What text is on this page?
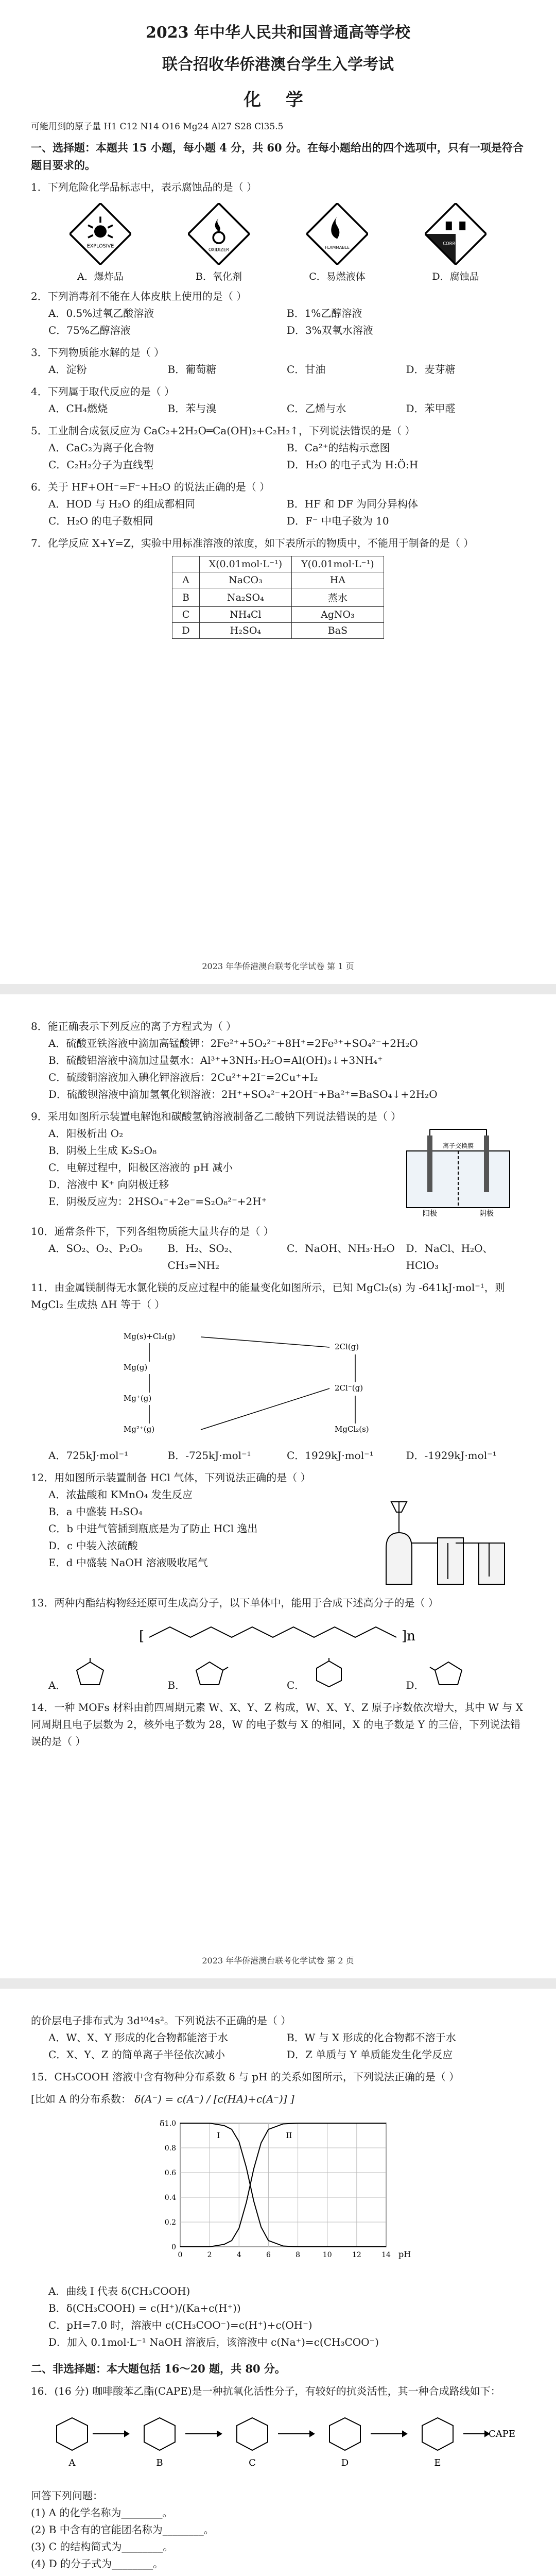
2023 年中华人民共和国普通高等学校
联合招收华侨港澳台学生入学考试
化 学

可能用到的原子量 H1 C12 N14 O16 Mg24 Al27 S28 Cl35.5

一、选择题：本题共 15 小题，每小题 4 分，共 60 分。在每小题给出的四个选项中，只有一项是符合题目要求的。
1．下列危险化学品标志中，表示腐蚀品的是（ ）
EXPLOSIVE
A．爆炸品
OXIDIZER
B．氧化剂
FLAMMABLE
C．易燃液体
CORROSIVE
D．腐蚀品
2．下列消毒剂不能在人体皮肤上使用的是（ ）
A．0.5%过氧乙酸溶液	B．1%乙醇溶液
C．75%乙醇溶液	D．3%双氧水溶液
3．下列物质能水解的是（ ）
A．淀粉	B．葡萄糖	C．甘油	D．麦芽糖
4．下列属于取代反应的是（ ）
A．CH₄燃烧	B．苯与溴	C．乙烯与水	D．苯甲醛
5．工业制合成氨反应为 CaC₂+2H₂O═Ca(OH)₂+C₂H₂↑，下列说法错误的是（ ）
A．CaC₂为离子化合物	B．Ca²⁺的结构示意图
C．C₂H₂分子为直线型	D．H₂O 的电子式为 H:Ö:H
6．关于 HF+OH⁻=F⁻+H₂O 的说法正确的是（ ）
A．HOD 与 H₂O 的组成都相同	B．HF 和 DF 为同分异构体
C．H₂O 的电子数相同	D．F⁻ 中电子数为 10
7．化学反应 X+Y=Z，实验中用标准溶液的浓度，如下表所示的物质中，不能用于制备的是（ ）
	X(0.01mol·L⁻¹)	Y(0.01mol·L⁻¹)
A	NaCO₃	HA
B	Na₂SO₄	蒸水
C	NH₄Cl	AgNO₃
D	H₂SO₄	BaS
2023 年华侨港澳台联考化学试卷 第 1 页
8．能正确表示下列反应的离子方程式为（ ）
A．硫酸亚铁溶液中滴加高锰酸钾：2Fe²⁺+5O₂²⁻+8H⁺=2Fe³⁺+SO₄²⁻+2H₂O
B．硫酸铝溶液中滴加过量氨水：Al³⁺+3NH₃·H₂O=Al(OH)₃↓+3NH₄⁺
C．硫酸铜溶液加入碘化钾溶液后：2Cu²⁺+2I⁻=2Cu⁺+I₂
D．硫酸钡溶液中滴加氢氧化钡溶液：2H⁺+SO₄²⁻+2OH⁻+Ba²⁺=BaSO₄↓+2H₂O
9．采用如图所示装置电解饱和碳酸氢钠溶液制备乙二酸钠下列说法错误的是（ ）
A．阳极析出 O₂
B．阴极上生成 K₂S₂O₈
C．电解过程中，阳极区溶液的 pH 减小
D．溶液中 K⁺ 向阴极迁移
E．阴极反应为：2HSO₄⁻+2e⁻=S₂O₈²⁻+2H⁺
阳极	阴极
离子交换膜
10．通常条件下，下列各组物质能大量共存的是（ ）
A．SO₂、O₂、P₂O₅	B．H₂、SO₂、CH₃=NH₂
C．NaOH、NH₃·H₂O	D．NaCl、H₂O、HClO₃
11．由金属镁制得无水氯化镁的反应过程中的能量变化如图所示，已知 MgCl₂(s) 为 -641kJ·mol⁻¹，则 MgCl₂ 生成热 ΔH 等于（ ）
Mg(s)+Cl₂(g)
Mg(g)
Mg⁺(g)
Mg²⁺(g)
2Cl(g)
2Cl⁻(g)
MgCl₂(s)
A．725kJ·mol⁻¹	B．-725kJ·mol⁻¹	C．1929kJ·mol⁻¹	D．-1929kJ·mol⁻¹
12．用如图所示装置制备 HCl 气体，下列说法正确的是（ ）
A．浓盐酸和 KMnO₄ 发生反应
B．a 中盛装 H₂SO₄
C．b 中进气管插到瓶底是为了防止 HCl 逸出
D．c 中装入浓硫酸
E．d 中盛装 NaOH 溶液吸收尾气
13．两种内酯结构物经还原可生成高分子，以下单体中，能用于合成下述高分子的是（ ）
[	]n
A．	B．	C．	D．
14．一种 MOFs 材料由前四周期元素 W、X、Y、Z 构成，W、X、Y、Z 原子序数依次增大，其中 W 与 X 同周期且电子层数为 2，核外电子数为 28，W 的电子数与 X 的相同，X 的电子数是 Y 的三倍，下列说法错误的是（ ）
2023 年华侨港澳台联考化学试卷 第 2 页
的价层电子排布式为 3d¹⁰4s²。下列说法不正确的是（ ）
A．W、X、Y 形成的化合物都能溶于水	B．W 与 X 形成的化合物都不溶于水
C．X、Y、Z 的简单离子半径依次减小	D．Z 单质与 Y 单质能发生化学反应
15．CH₃COOH 溶液中含有物种分布系数 δ 与 pH 的关系如图所示，下列说法正确的是（ ）
[比如 A 的分布系数： δ(A⁻) = c(A⁻) / [c(HA)+c(A⁻)] ]
0
0.2
0.4
0.6
0.8
1.0
0	2	4	6	8	10	12	14 pH
δ
I	II
A．曲线 I 代表 δ(CH₃COOH)
B．δ(CH₃COOH) = c(H⁺)/(Ka+c(H⁺))
C．pH=7.0 时，溶液中 c(CH₃COO⁻)=c(H⁺)+c(OH⁻)
D．加入 0.1mol·L⁻¹ NaOH 溶液后，该溶液中 c(Na⁺)=c(CH₃COO⁻)
二、非选择题：本大题包括 16～20 题，共 80 分。
16．(16 分) 咖啡酸苯乙酯(CAPE)是一种抗氧化活性分子，有较好的抗炎活性，其一种合成路线如下：
A	B	C	D	E
CAPE
回答下列问题：
(1) A 的化学名称为________。
(2) B 中含有的官能团名称为________。
(3) C 的结构简式为________。
(4) D 的分子式为________。
